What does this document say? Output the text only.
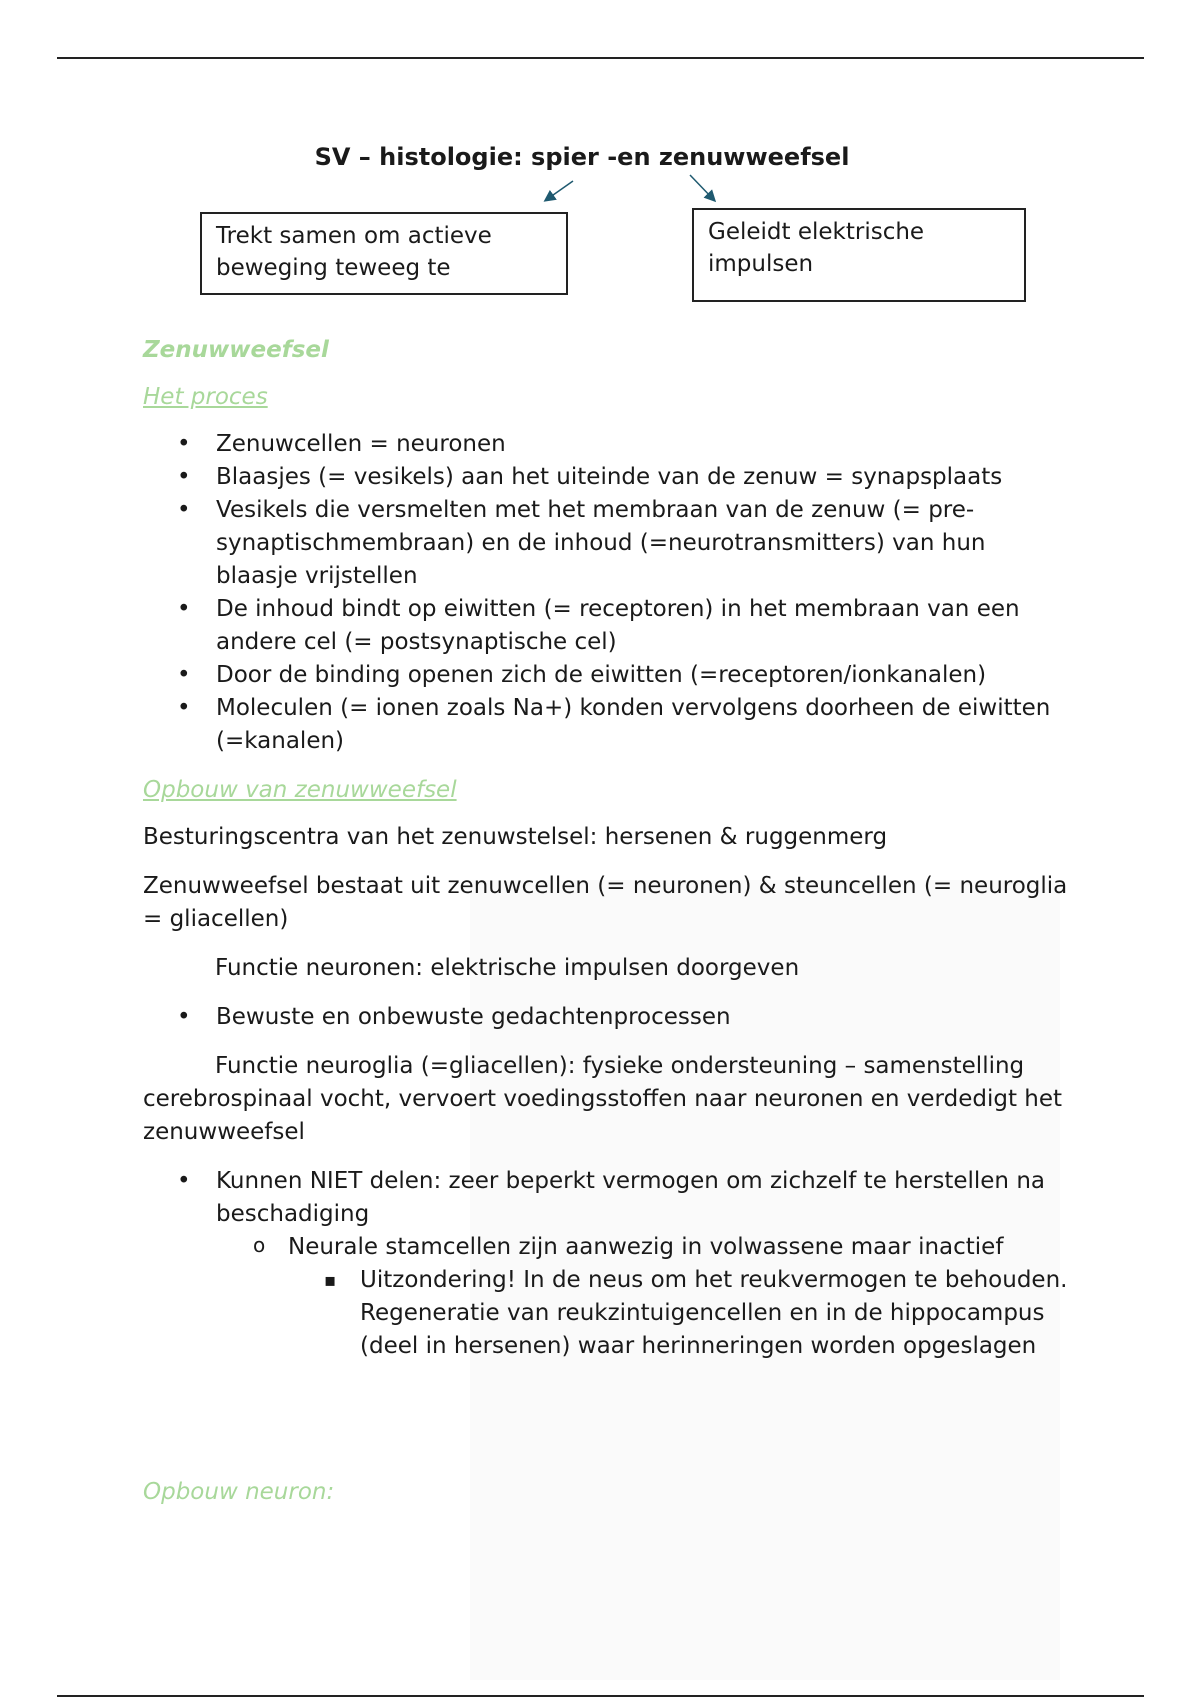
SV – histologie: spier -en zenuwweefsel
Trekt samen om actieve beweging teweeg te
Geleidt elektrische impulsen
Zenuwweefsel
Het proces
• Zenuwcellen = neuronen
• Blaasjes (= vesikels) aan het uiteinde van de zenuw = synapsplaats
• Vesikels die versmelten met het membraan van de zenuw (= pre-synaptischmembraan) en de inhoud (=neurotransmitters) van hun blaasje vrijstellen
• De inhoud bindt op eiwitten (= receptoren) in het membraan van een andere cel (= postsynaptische cel)
• Door de binding openen zich de eiwitten (=receptoren/ionkanalen)
• Moleculen (= ionen zoals Na+) konden vervolgens doorheen de eiwitten (=kanalen)
Opbouw van zenuwweefsel

Besturingscentra van het zenuwstelsel: hersenen & ruggenmerg

Zenuwweefsel bestaat uit zenuwcellen (= neuronen) & steuncellen (= neuroglia = gliacellen)

Functie neuronen: elektrische impulsen doorgeven

• Bewuste en onbewuste gedachtenprocessen

Functie neuroglia (=gliacellen): fysieke ondersteuning – samenstelling cerebrospinaal vocht, vervoert voedingsstoffen naar neuronen en verdedigt het zenuwweefsel

• Kunnen NIET delen: zeer beperkt vermogen om zichzelf te herstellen na beschadiging
o Neurale stamcellen zijn aanwezig in volwassene maar inactief
▪ Uitzondering! In de neus om het reukvermogen te behouden. Regeneratie van reukzintuigencellen en in de hippocampus (deel in hersenen) waar herinneringen worden opgeslagen
Opbouw neuron:
